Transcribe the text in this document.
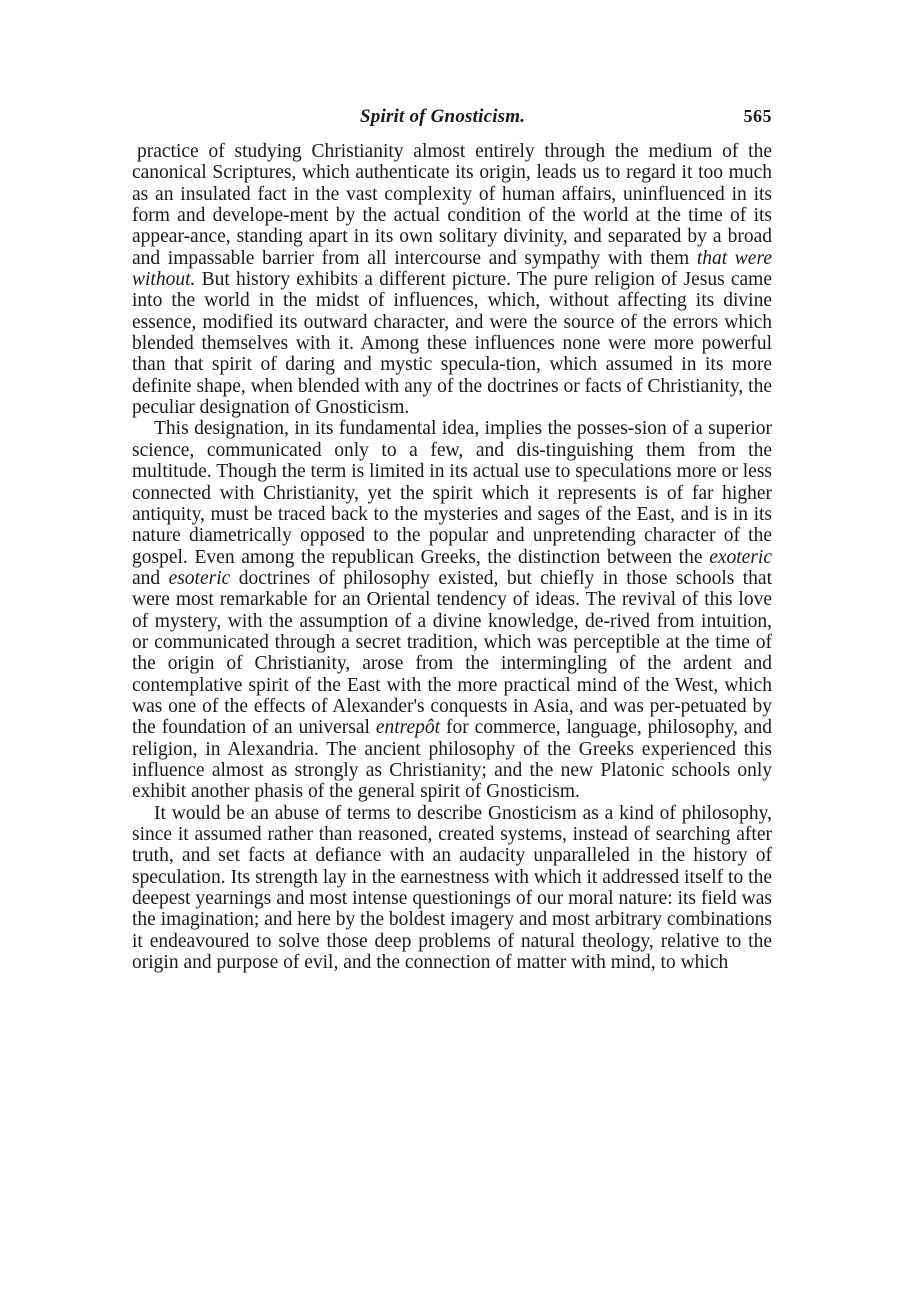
Spirit of Gnosticism.	565

practice of studying Christianity almost entirely through the medium of the canonical Scriptures, which authenticate its origin, leads us to regard it too much as an insulated fact in the vast complexity of human affairs, uninfluenced in its form and develope-ment by the actual condition of the world at the time of its appear-ance, standing apart in its own solitary divinity, and separated by a broad and impassable barrier from all intercourse and sympathy with them that were without. But history exhibits a different picture. The pure religion of Jesus came into the world in the midst of influences, which, without affecting its divine essence, modified its outward character, and were the source of the errors which blended themselves with it. Among these influences none were more powerful than that spirit of daring and mystic specula-tion, which assumed in its more definite shape, when blended with any of the doctrines or facts of Christianity, the peculiar designation of Gnosticism.

This designation, in its fundamental idea, implies the posses-sion of a superior science, communicated only to a few, and dis-tinguishing them from the multitude. Though the term is limited in its actual use to speculations more or less connected with Christianity, yet the spirit which it represents is of far higher antiquity, must be traced back to the mysteries and sages of the East, and is in its nature diametrically opposed to the popular and unpretending character of the gospel. Even among the republican Greeks, the distinction between the exoteric and esoteric doctrines of philosophy existed, but chiefly in those schools that were most remarkable for an Oriental tendency of ideas. The revival of this love of mystery, with the assumption of a divine knowledge, de-rived from intuition, or communicated through a secret tradition, which was perceptible at the time of the origin of Christianity, arose from the intermingling of the ardent and contemplative spirit of the East with the more practical mind of the West, which was one of the effects of Alexander's conquests in Asia, and was per-petuated by the foundation of an universal entrepôt for commerce, language, philosophy, and religion, in Alexandria. The ancient philosophy of the Greeks experienced this influence almost as strongly as Christianity; and the new Platonic schools only exhibit another phasis of the general spirit of Gnosticism.

It would be an abuse of terms to describe Gnosticism as a kind of philosophy, since it assumed rather than reasoned, created systems, instead of searching after truth, and set facts at defiance with an audacity unparalleled in the history of speculation. Its strength lay in the earnestness with which it addressed itself to the deepest yearnings and most intense questionings of our moral nature: its field was the imagination; and here by the boldest imagery and most arbitrary combinations it endeavoured to solve those deep problems of natural theology, relative to the origin and purpose of evil, and the connection of matter with mind, to which
